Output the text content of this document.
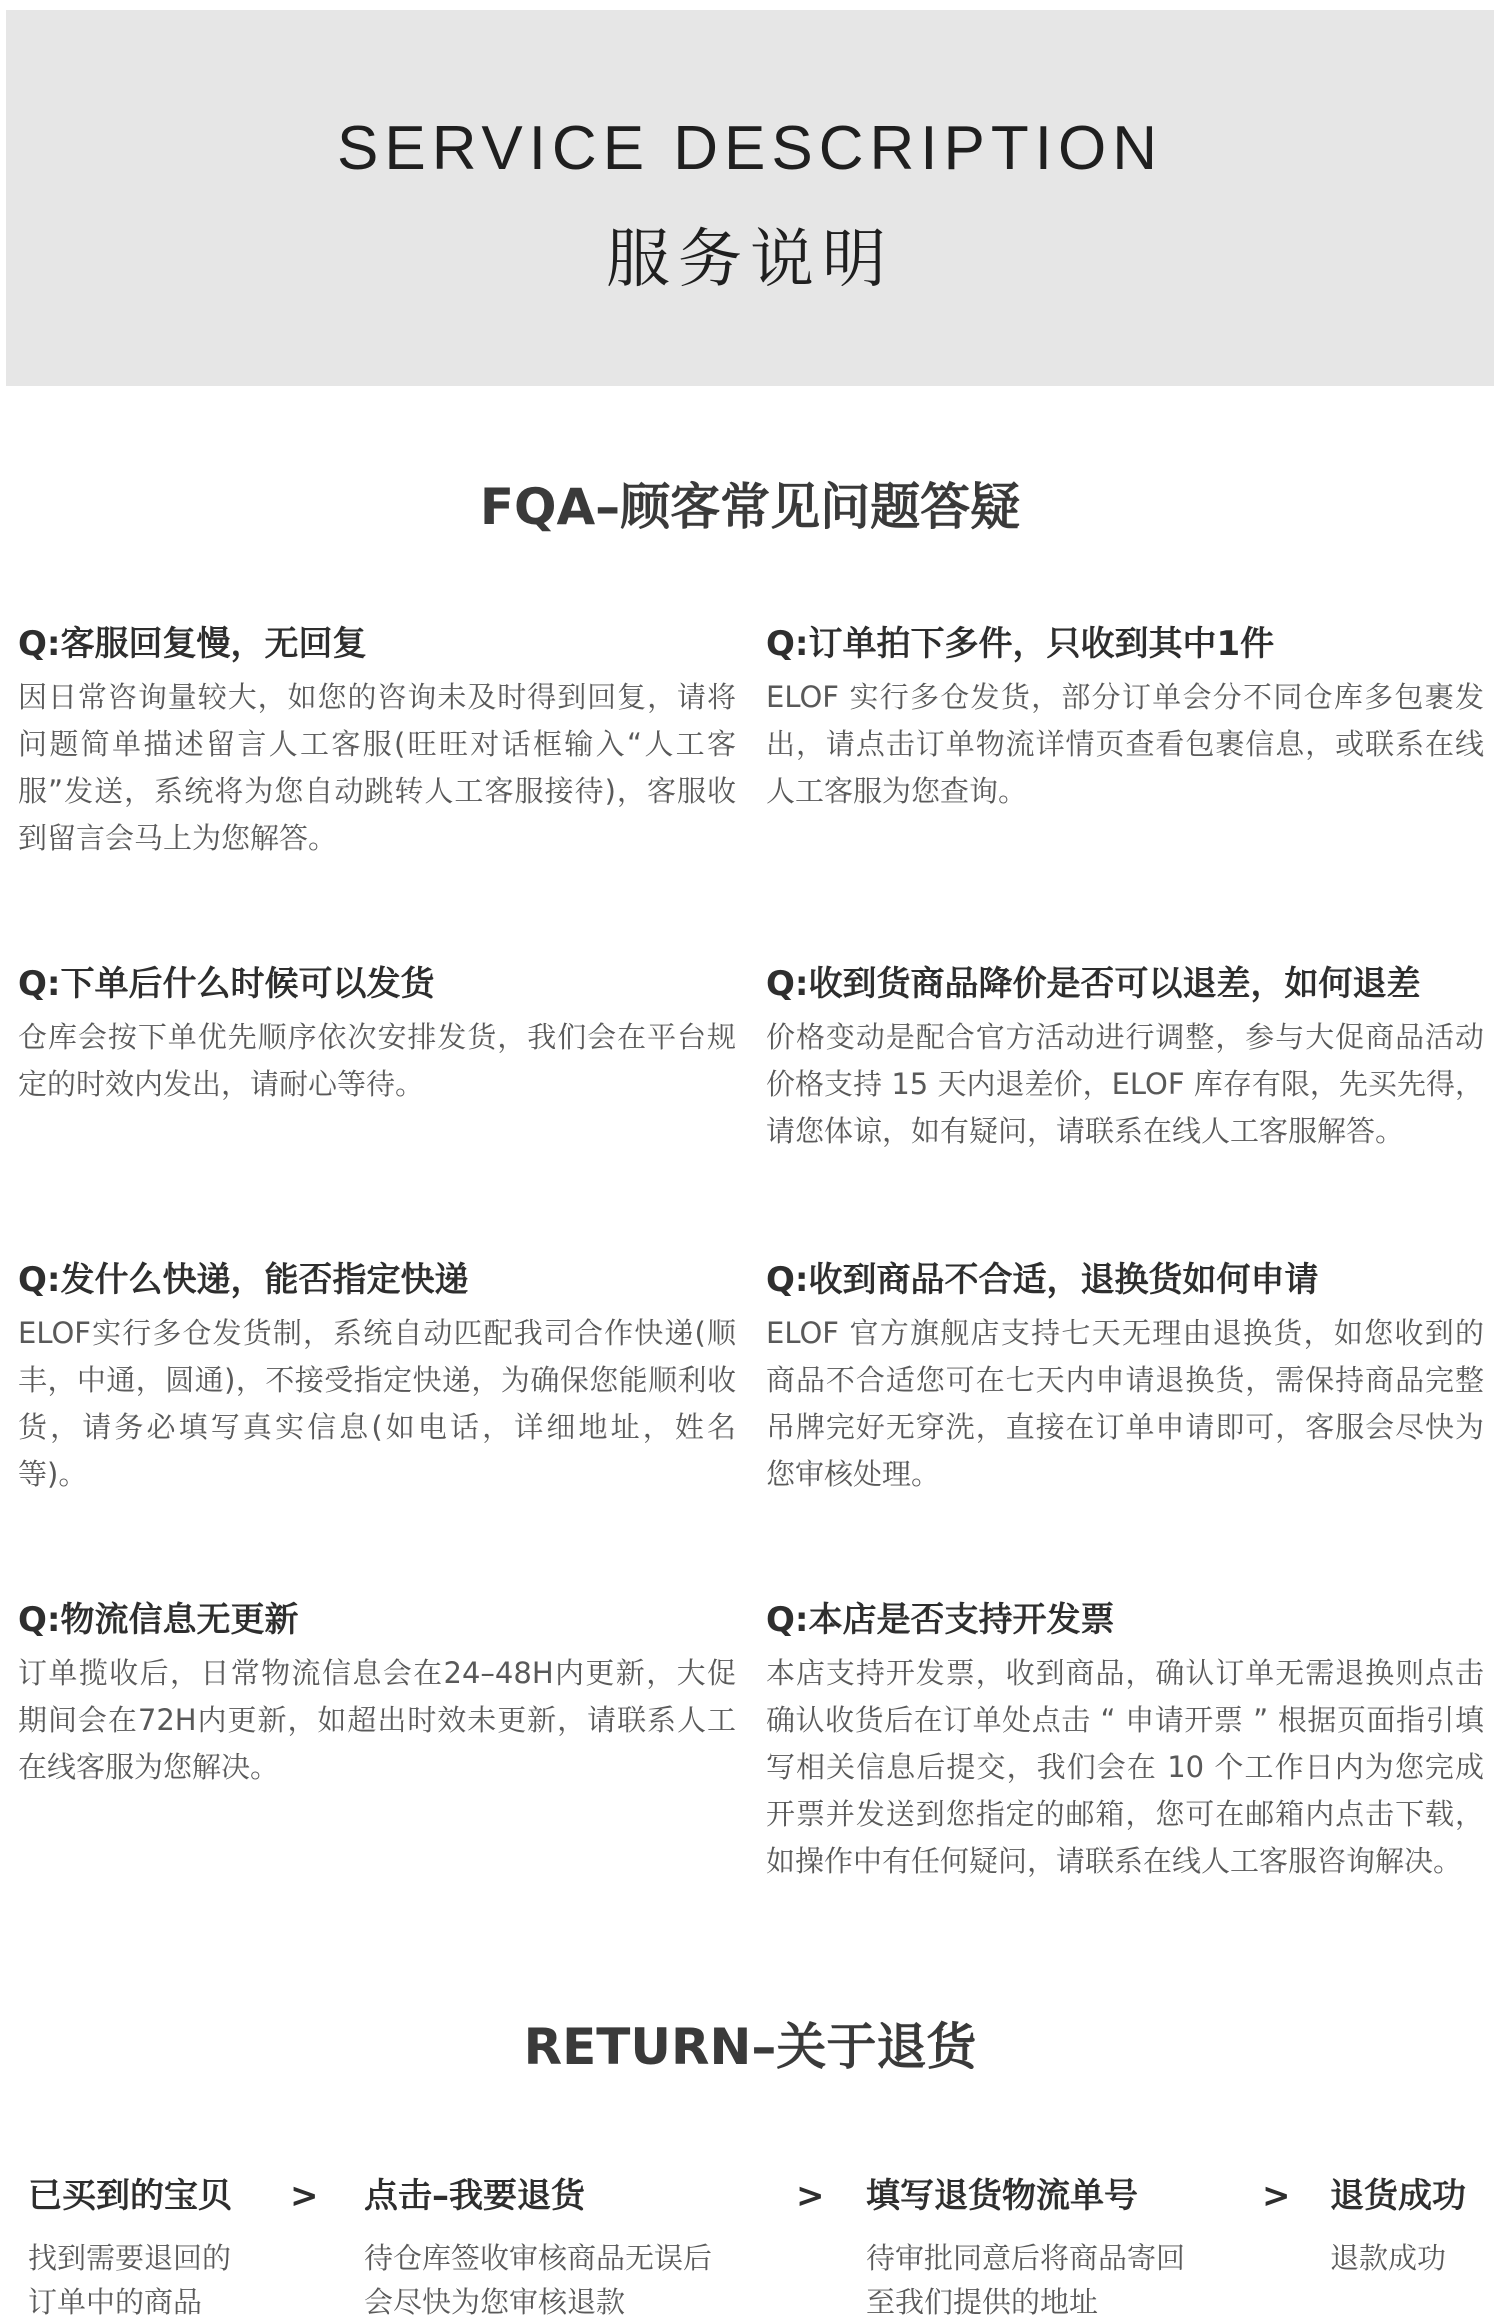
SERVICE DESCRIPTION
服务说明
FQA–顾客常见问题答疑
Q:客服回复慢，无回复
因日常咨询量较大，如您的咨询未及时得到回复，请将问题简单描述留言人工客服(旺旺对话框输入“人工客服”发送，系统将为您自动跳转人工客服接待)，客服收到留言会马上为您解答。
Q:订单拍下多件，只收到其中1件
ELOF 实行多仓发货，部分订单会分不同仓库多包裹发出，请点击订单物流详情页查看包裹信息，或联系在线人工客服为您查询。
Q:下单后什么时候可以发货
仓库会按下单优先顺序依次安排发货，我们会在平台规定的时效内发出，请耐心等待。
Q:收到货商品降价是否可以退差，如何退差
价格变动是配合官方活动进行调整，参与大促商品活动价格支持 15 天内退差价，ELOF 库存有限，先买先得，请您体谅，如有疑问，请联系在线人工客服解答。
Q:发什么快递，能否指定快递
ELOF实行多仓发货制，系统自动匹配我司合作快递(顺丰，中通，圆通)，不接受指定快递，为确保您能顺利收货，请务必填写真实信息(如电话，详细地址，姓名等)。
Q:收到商品不合适，退换货如何申请
ELOF 官方旗舰店支持七天无理由退换货，如您收到的商品不合适您可在七天内申请退换货，需保持商品完整吊牌完好无穿洗，直接在订单申请即可，客服会尽快为您审核处理。
Q:物流信息无更新
订单揽收后，日常物流信息会在24–48H内更新，大促期间会在72H内更新，如超出时效未更新，请联系人工在线客服为您解决。
Q:本店是否支持开发票
本店支持开发票，收到商品，确认订单无需退换则点击确认收货后在订单处点击 “ 申请开票 ” 根据页面指引填写相关信息后提交，我们会在 10 个工作日内为您完成开票并发送到您指定的邮箱，您可在邮箱内点击下载，如操作中有任何疑问，请联系在线人工客服咨询解决。
RETURN–关于退货
已买到的宝贝
找到需要退回的
订单中的商品
> 点击–我要退货
待仓库签收审核商品无误后
会尽快为您审核退款
> 填写退货物流单号
待审批同意后将商品寄回
至我们提供的地址
> 退货成功
退款成功
